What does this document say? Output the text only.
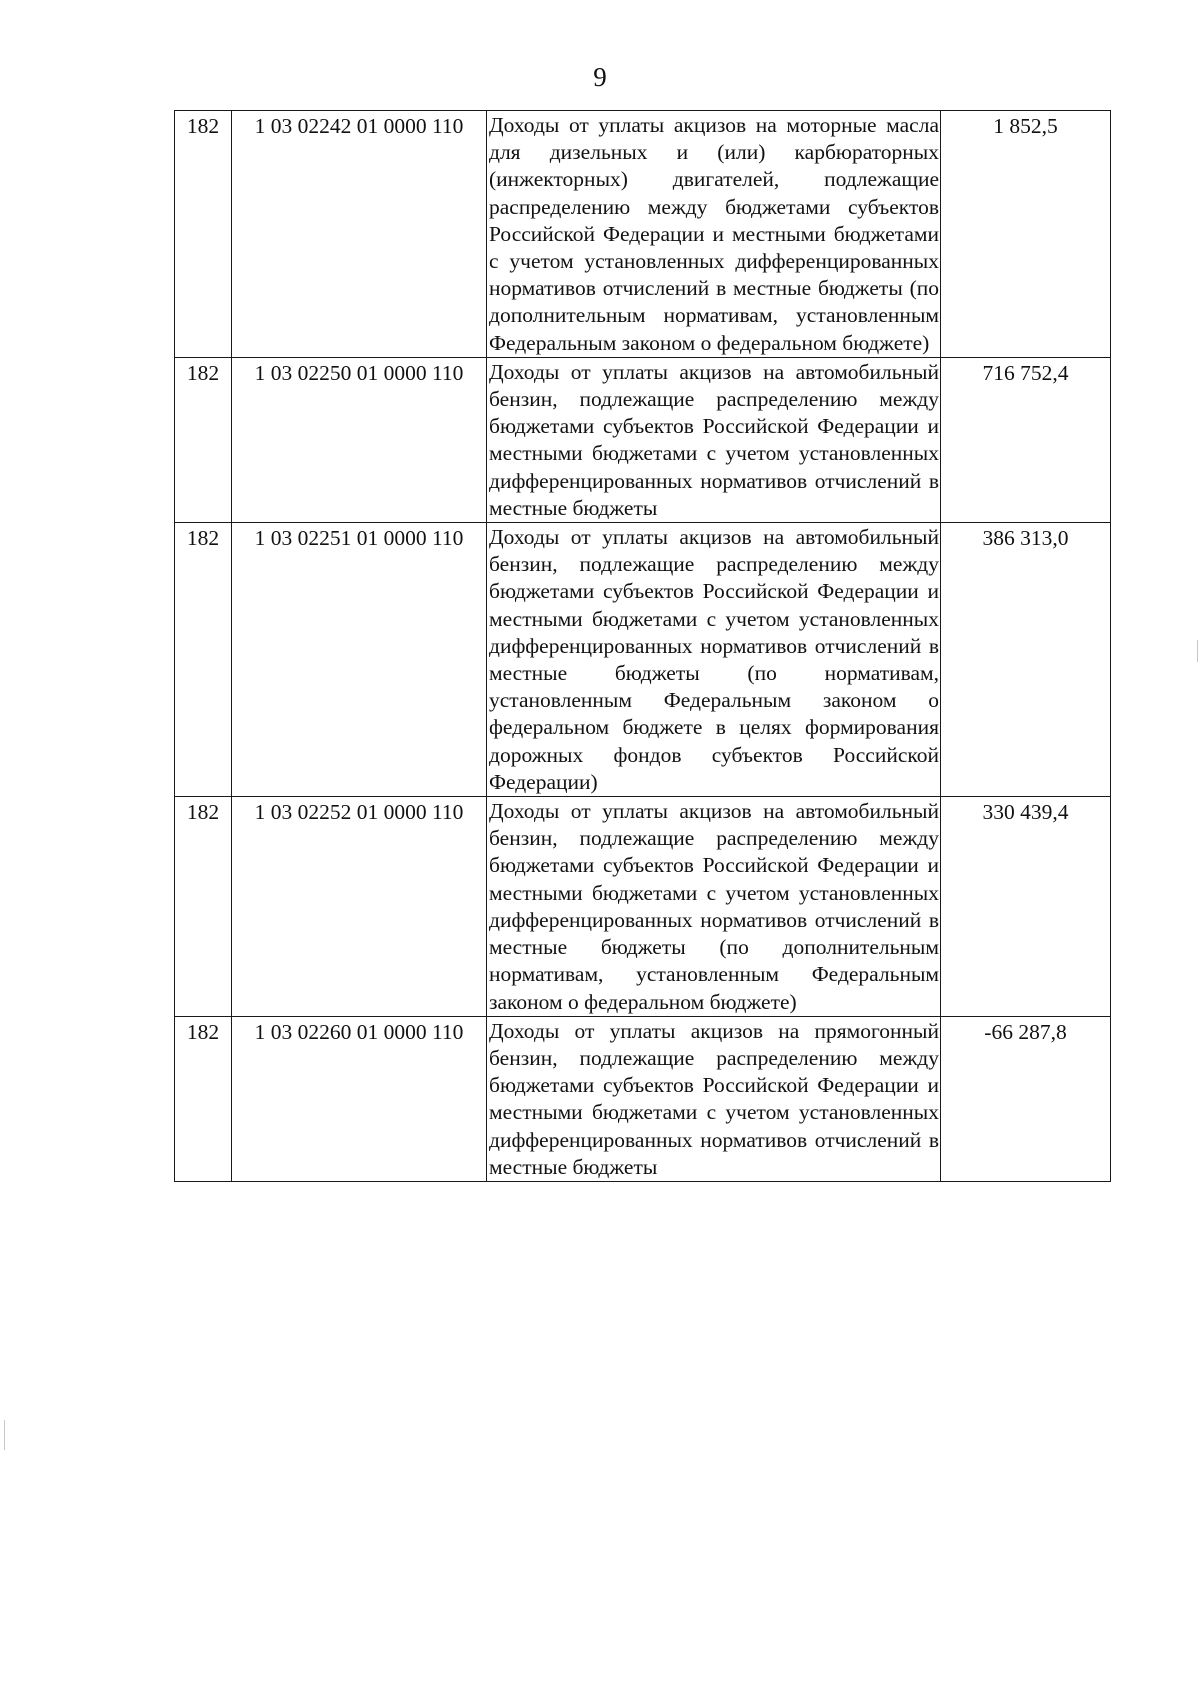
9
182	1 03 02242 01 0000 110	Доходы от уплаты акцизов на моторные масла для дизельных и (или) карбюраторных (инжекторных) двигателей, подлежащие распределению между бюджетами субъектов Российской Федерации и местными бюджетами с учетом установленных дифференцированных нормативов отчислений в местные бюджеты (по дополнительным нормативам, установленным Федеральным законом о федеральном бюджете)	1 852,5
182	1 03 02250 01 0000 110	Доходы от уплаты акцизов на автомобильный бензин, подлежащие распределению между бюджетами субъектов Российской Федерации и местными бюджетами с учетом установленных дифференцированных нормативов отчислений в местные бюджеты	716 752,4
182	1 03 02251 01 0000 110	Доходы от уплаты акцизов на автомобильный бензин, подлежащие распределению между бюджетами субъектов Российской Федерации и местными бюджетами с учетом установленных дифференцированных нормативов отчислений в местные бюджеты (по нормативам, установленным Федеральным законом о федеральном бюджете в целях формирования дорожных фондов субъектов Российской Федерации)	386 313,0
182	1 03 02252 01 0000 110	Доходы от уплаты акцизов на автомобильный бензин, подлежащие распределению между бюджетами субъектов Российской Федерации и местными бюджетами с учетом установленных дифференцированных нормативов отчислений в местные бюджеты (по дополнительным нормативам, установленным Федеральным законом о федеральном бюджете)	330 439,4
182	1 03 02260 01 0000 110	Доходы от уплаты акцизов на прямогонный бензин, подлежащие распределению между бюджетами субъектов Российской Федерации и местными бюджетами с учетом установленных дифференцированных нормативов отчислений в местные бюджеты	-66 287,8
